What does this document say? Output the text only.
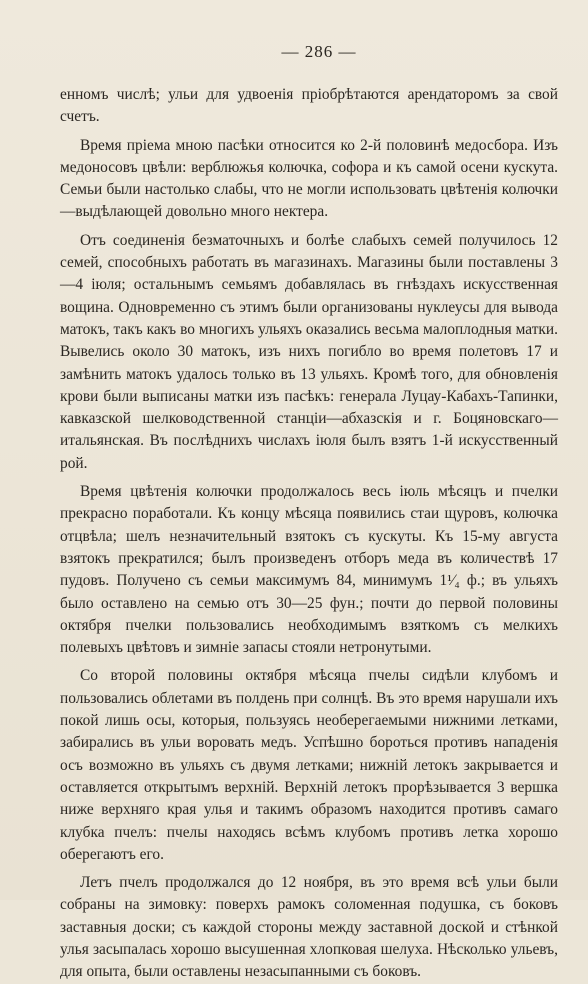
— 286 —

енномъ числѣ; ульи для удвоенія пріобрѣтаются арендаторомъ за свой счетъ.

Время пріема мною пасѣки относится ко 2-й половинѣ медосбора. Изъ медоносовъ цвѣли: верблюжья колючка, софора и къ самой осени кускута. Семьи были настолько слабы, что не могли использовать цвѣтенія колючки—выдѣлающей довольно много нектера.

Отъ соединенія безматочныхъ и болѣе слабыхъ семей получилось 12 семей, способныхъ работать въ магазинахъ. Магазины были поставлены 3—4 іюля; остальнымъ семьямъ добавлялась въ гнѣздахъ искусственная вощина. Одновременно съ этимъ были организованы нуклеусы для вывода матокъ, такъ какъ во многихъ ульяхъ оказались весьма малоплодныя матки. Вывелись около 30 матокъ, изъ нихъ погибло во время полетовъ 17 и замѣнить матокъ удалось только въ 13 ульяхъ. Кромѣ того, для обновленія крови были выписаны матки изъ пасѣкъ: генерала Луцау-Кабахъ-Тапинки, кавказской шелководственной станціи—абхазскія и г. Боцяновскаго—итальянская. Въ послѣднихъ числахъ іюля былъ взятъ 1-й искусственный рой.

Время цвѣтенія колючки продолжалось весь іюль мѣсяцъ и пчелки прекрасно поработали. Къ концу мѣсяца появились стаи щуровъ, колючка отцвѣла; шелъ незначительный взятокъ съ кускуты. Къ 15-му августа взятокъ прекратился; былъ произведенъ отборъ меда въ количествѣ 17 пудовъ. Получено съ семьи максимумъ 84, минимумъ 1¹⁄₄ ф.; въ ульяхъ было оставлено на семью отъ 30—25 фун.; почти до первой половины октября пчелки пользовались необходимымъ взяткомъ съ мелкихъ полевыхъ цвѣтовъ и зимніе запасы стояли нетронутыми.

Со второй половины октября мѣсяца пчелы сидѣли клубомъ и пользовались облетами въ полдень при солнцѣ. Въ это время нарушали ихъ покой лишь осы, которыя, пользуясь необерегаемыми нижними летками, забирались въ ульи воровать медъ. Успѣшно бороться противъ нападенія осъ возможно въ ульяхъ съ двумя летками; нижній летокъ закрывается и оставляется открытымъ верхній. Верхній летокъ прорѣзывается 3 вершка ниже верхняго края улья и такимъ образомъ находится противъ самаго клубка пчелъ: пчелы находясь всѣмъ клубомъ противъ летка хорошо оберегаютъ его.

Летъ пчелъ продолжался до 12 ноября, въ это время всѣ ульи были собраны на зимовку: поверхъ рамокъ соломенная подушка, съ боковъ заставныя доски; съ каждой стороны между заставной доской и стѣнкой улья засыпалась хорошо высушенная хлопковая шелуха. Нѣсколько ульевъ, для опыта, были оставлены незасыпанными съ боковъ.
